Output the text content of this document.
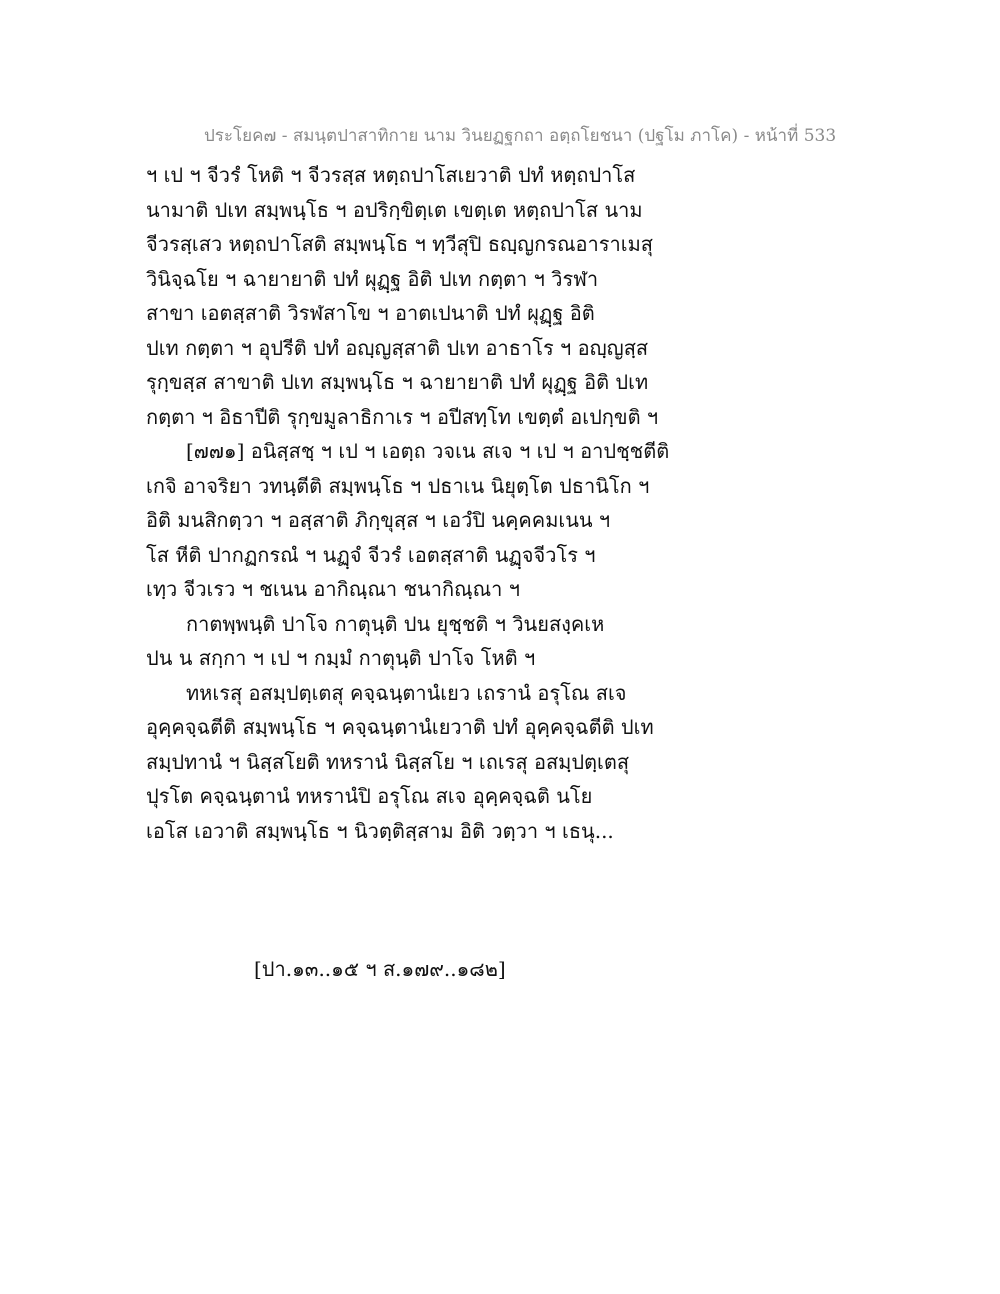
ประโยค๗ - สมนฺตปาสาทิกาย นาม วินยฏฐกถา อตฺถโยชนา (ปฐโม ภาโค) - หน้าที่ 533
ฯ เป ฯ จีวรํ โหติ ฯ จีวรสฺส หตฺถปาโสเยวาติ ปทํ หตฺถปาโส
นามาติ ปเท สมฺพนฺโธ ฯ อปริกฺขิตฺเต เขตฺเต หตฺถปาโส นาม
จีวรสฺเสว หตฺถปาโสติ สมฺพนฺโธ ฯ ทฺวีสุปิ ธญฺญกรณอาราเมสุ
วินิจฺฉโย ฯ ฉายายาติ ปทํ ผุฏฺฐ อิติ ปเท กตฺตา ฯ วิรฬา
สาขา เอตสฺสาติ วิรฬสาโข ฯ อาตเปนาติ ปทํ ผุฏฺฐ อิติ
ปเท กตฺตา ฯ อุปรีติ ปทํ อญฺญสฺสาติ ปเท อาธาโร ฯ อญฺญสฺส
รุกฺขสฺส สาขาติ ปเท สมฺพนฺโธ ฯ ฉายายาติ ปทํ ผุฏฺฐ อิติ ปเท
กตฺตา ฯ อิธาปีติ รุกฺขมูลาธิกาเร ฯ อปีสทฺโท เขตฺตํ อเปกฺขติ ฯ
[๗๗๑] อนิสฺสชฺ ฯ เป ฯ เอตฺถ วจเน สเจ ฯ เป ฯ อาปชฺชตีติ
เกจิ อาจริยา วทนฺตีติ สมฺพนฺโธ ฯ ปธาเน นิยุตฺโต ปธานิโก ฯ
อิติ มนสิกตฺวา ฯ อสฺสาติ ภิกฺขุสฺส ฯ เอวํปิ นคฺคคมเนน ฯ
โส หีติ ปากฏกรณํ ฯ นฏฺจํ จีวรํ เอตสฺสาติ นฏฺจจีวโร ฯ
เทฺว จีวเรว ฯ ชเนน อากิณฺณา ชนากิณฺณา ฯ
กาตพฺพนฺติ ปาโจ กาตุนฺติ ปน ยุชฺชติ ฯ วินยสงฺคเห
ปน น สกฺกา ฯ เป ฯ กมฺมํ กาตุนฺติ ปาโจ โหติ ฯ
ทหเรสุ อสมฺปตฺเตสุ คจฺฉนฺตานํเยว เถรานํ อรุโณ สเจ
อุคฺคจฺฉตีติ สมฺพนฺโธ ฯ คจฺฉนฺตานํเยวาติ ปทํ อุคฺคจฺฉตีติ ปเท
สมฺปทานํ ฯ นิสฺสโยติ ทหรานํ นิสฺสโย ฯ เถเรสุ อสมฺปตฺเตสุ
ปุรโต คจฺฉนฺตานํ ทหรานํปิ อรุโณ สเจ อุคฺคจฺฉติ นโย
เอโส เอวาติ สมฺพนฺโธ ฯ นิวตฺติสฺสาม อิติ วตฺวา ฯ เธนุ...
[ปา.๑๓..๑๕ ฯ ส.๑๗๙..๑๘๒]
